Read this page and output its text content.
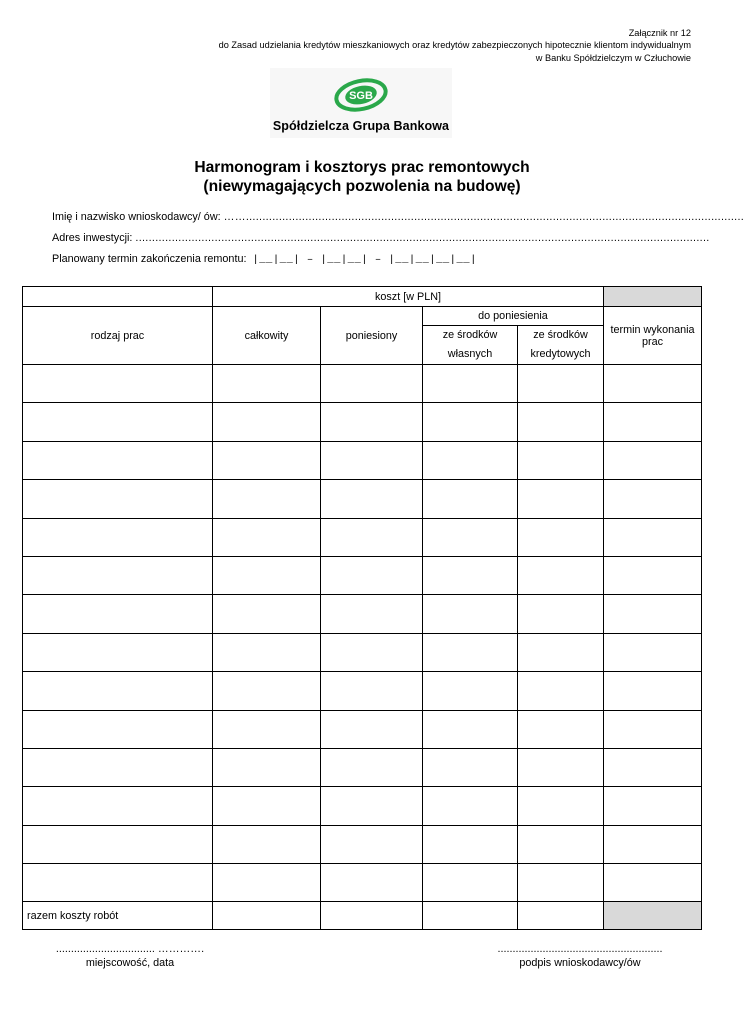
Załącznik nr 12
do Zasad udzielania kredytów mieszkaniowych oraz kredytów zabezpieczonych hipotecznie klientom indywidualnym
w Banku Spółdzielczym w Człuchowie
SGB
Spółdzielcza Grupa Bankowa
Harmonogram i kosztorys prac remontowych
(niewymagających pozwolenia na budowę)
Imię i nazwisko wnioskodawcy/ ów: …….......................................................................................................................................................
Adres inwestycji: ..............................................................................................................................................................................
Planowany termin zakończenia remontu: |__|__| – |__|__| – |__|__|__|__|
	koszt [w PLN]				
rodzaj prac	całkowity	poniesiony	do poniesienia		termin wykonania prac
			ze środków własnych	ze środków kredytowych	

razem koszty robót					
................................. ………….
miejscowość, data
.......................................................
podpis wnioskodawcy/ów
